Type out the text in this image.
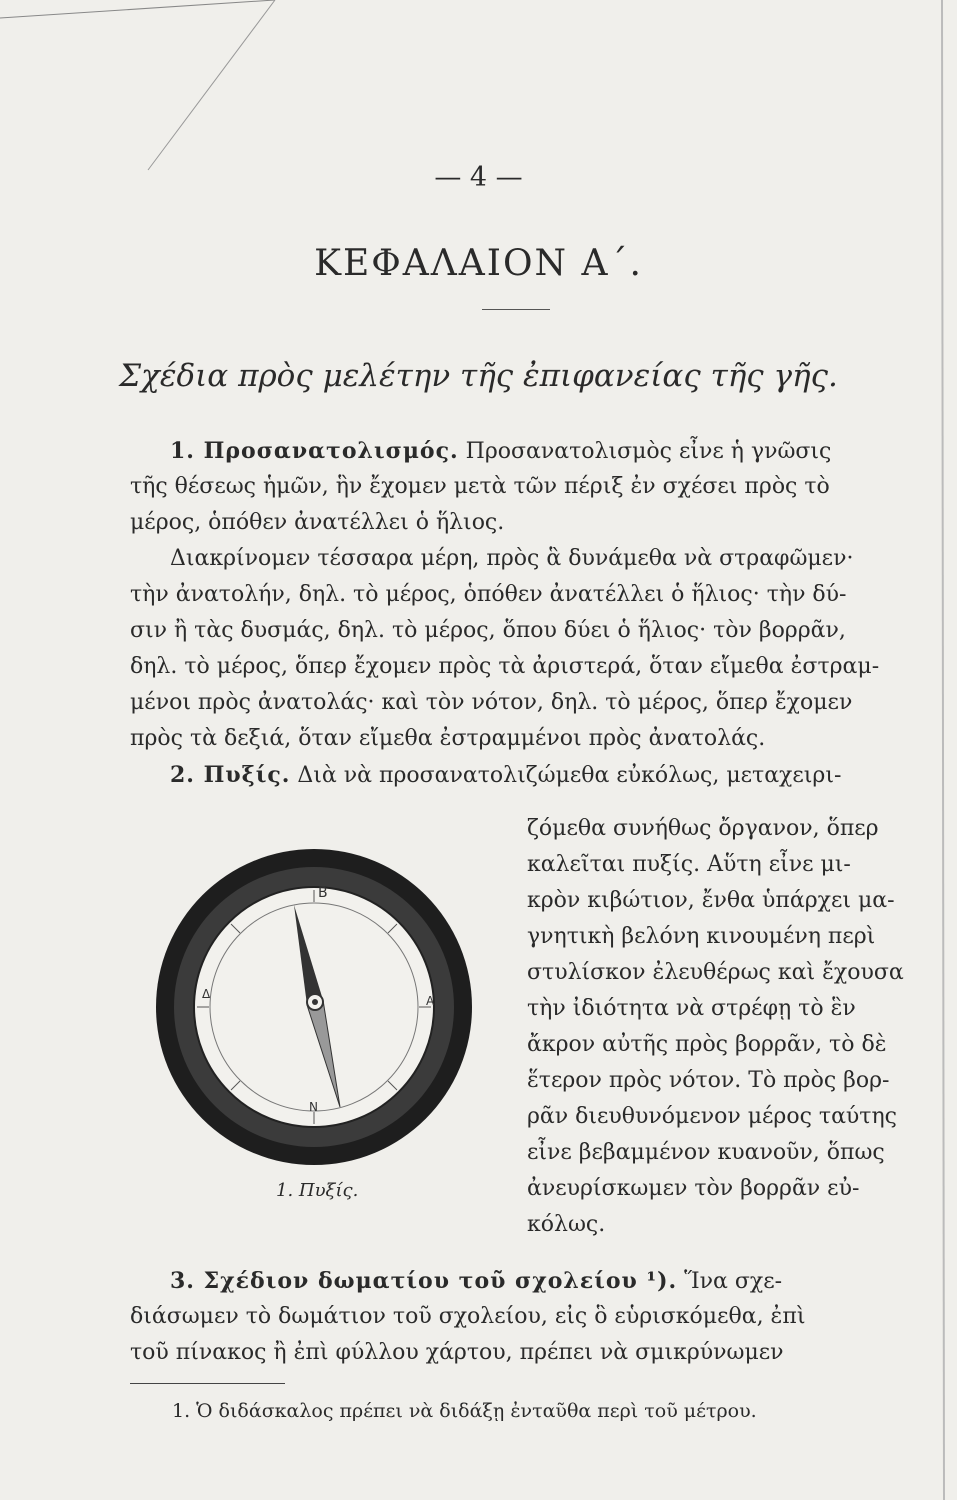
— 4 —
ΚΕΦΑΛΑΙΟΝ Α΄.
Σχέδια πρὸς μελέτην τῆς ἐπιφανείας τῆς γῆς.
1. Προσανατολισμός. Προσανατολισμὸς εἶνε ἡ γνῶσις
τῆς θέσεως ἡμῶν, ἣν ἔχομεν μετὰ τῶν πέριξ ἐν σχέσει πρὸς τὸ
μέρος, ὁπόθεν ἀνατέλλει ὁ ἥλιος.
Διακρίνομεν τέσσαρα μέρη, πρὸς ἃ δυνάμεθα νὰ στραφῶμεν·
τὴν ἀνατολήν, δηλ. τὸ μέρος, ὁπόθεν ἀνατέλλει ὁ ἥλιος· τὴν δύ-
σιν ἢ τὰς δυσμάς, δηλ. τὸ μέρος, ὅπου δύει ὁ ἥλιος· τὸν βορρᾶν,
δηλ. τὸ μέρος, ὅπερ ἔχομεν πρὸς τὰ ἀριστερά, ὅταν εἴμεθα ἐστραμ-
μένοι πρὸς ἀνατολάς· καὶ τὸν νότον, δηλ. τὸ μέρος, ὅπερ ἔχομεν
πρὸς τὰ δεξιά, ὅταν εἴμεθα ἐστραμμένοι πρὸς ἀνατολάς.
2. Πυξίς. Διὰ νὰ προσανατολιζώμεθα εὐκόλως, μεταχειρι-
ζόμεθα συνήθως ὄργανον, ὅπερ
καλεῖται πυξίς. Αὕτη εἶνε μι-
κρὸν κιβώτιον, ἔνθα ὑπάρχει μα-
γνητικὴ βελόνη κινουμένη περὶ
στυλίσκον ἐλευθέρως καὶ ἔχουσα
τὴν ἰδιότητα νὰ στρέφῃ τὸ ἓν
ἄκρον αὐτῆς πρὸς βορρᾶν, τὸ δὲ
ἕτερον πρὸς νότον. Τὸ πρὸς βορ-
ρᾶν διευθυνόμενον μέρος ταύτης
εἶνε βεβαμμένον κυανοῦν, ὅπως
ἀνευρίσκωμεν τὸν βορρᾶν εὐ-
κόλως.
Β
Ν
Δ	Α
1. Πυξίς.
3. Σχέδιον δωματίου τοῦ σχολείου ¹). Ἵνα σχε-
διάσωμεν τὸ δωμάτιον τοῦ σχολείου, εἰς ὃ εὑρισκόμεθα, ἐπὶ
τοῦ πίνακος ἢ ἐπὶ φύλλου χάρτου, πρέπει νὰ σμικρύνωμεν
1. Ὁ διδάσκαλος πρέπει νὰ διδάξῃ ἐνταῦθα περὶ τοῦ μέτρου.
